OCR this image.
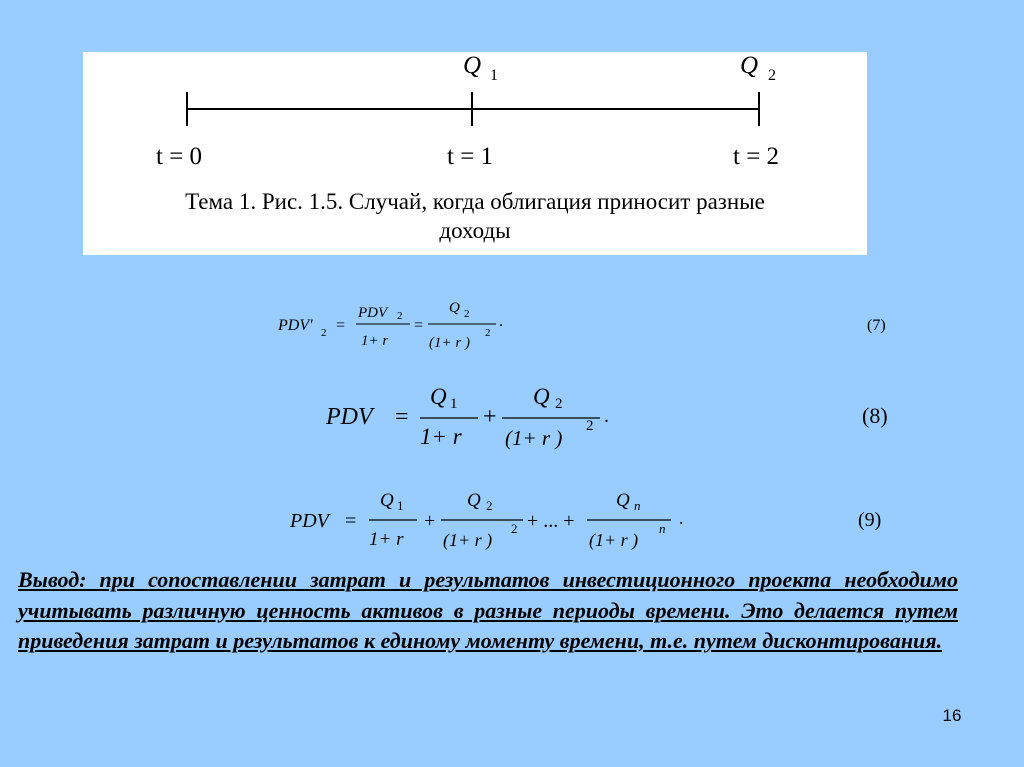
Q 1	Q 2
t = 0	t = 1	t = 2
Тема 1. Рис. 1.5. Случай, когда облигация приносит разные
доходы
PDV′ 2 =
PDV 2
1+ r
=
Q 2
(1+ r )
2
.	(7)
PDV =
Q 1
1+ r
+
Q 2
(1+ r ) 2 .	(8)
PDV =
Q 1
1+ r
+
Q 2
(1+ r )
2 + ... +
Q n
(1+ r )
n
.	(9)
Вывод: при сопоставлении затрат и результатов инвестиционного проекта необходимо учитывать различную ценность активов в разные периоды времени. Это делается путем приведения затрат и результатов к единому моменту времени, т.е. путем дисконтирования.
16
